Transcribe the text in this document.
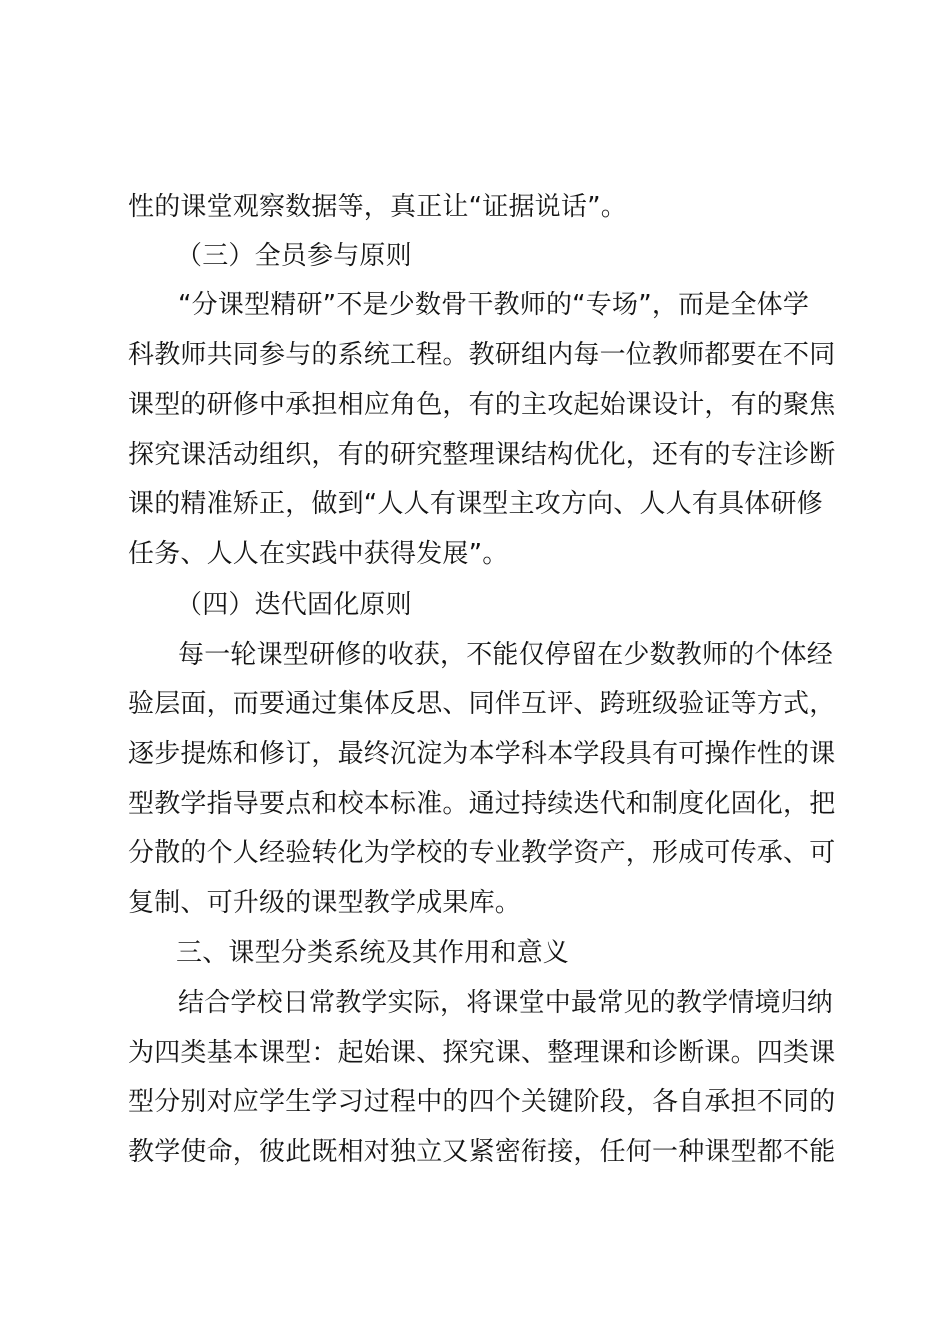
性的课堂观察数据等，真正让“证据说话”。
（三）全员参与原则
“分课型精研”不是少数骨干教师的“专场”，而是全体学
科教师共同参与的系统工程。教研组内每一位教师都要在不同
课型的研修中承担相应角色，有的主攻起始课设计，有的聚焦
探究课活动组织，有的研究整理课结构优化，还有的专注诊断
课的精准矫正，做到“人人有课型主攻方向、人人有具体研修
任务、人人在实践中获得发展”。
（四）迭代固化原则
每一轮课型研修的收获，不能仅停留在少数教师的个体经
验层面，而要通过集体反思、同伴互评、跨班级验证等方式，
逐步提炼和修订，最终沉淀为本学科本学段具有可操作性的课
型教学指导要点和校本标准。通过持续迭代和制度化固化，把
分散的个人经验转化为学校的专业教学资产，形成可传承、可
复制、可升级的课型教学成果库。
三、课型分类系统及其作用和意义
结合学校日常教学实际，将课堂中最常见的教学情境归纳
为四类基本课型：起始课、探究课、整理课和诊断课。四类课
型分别对应学生学习过程中的四个关键阶段，各自承担不同的
教学使命，彼此既相对独立又紧密衔接，任何一种课型都不能
